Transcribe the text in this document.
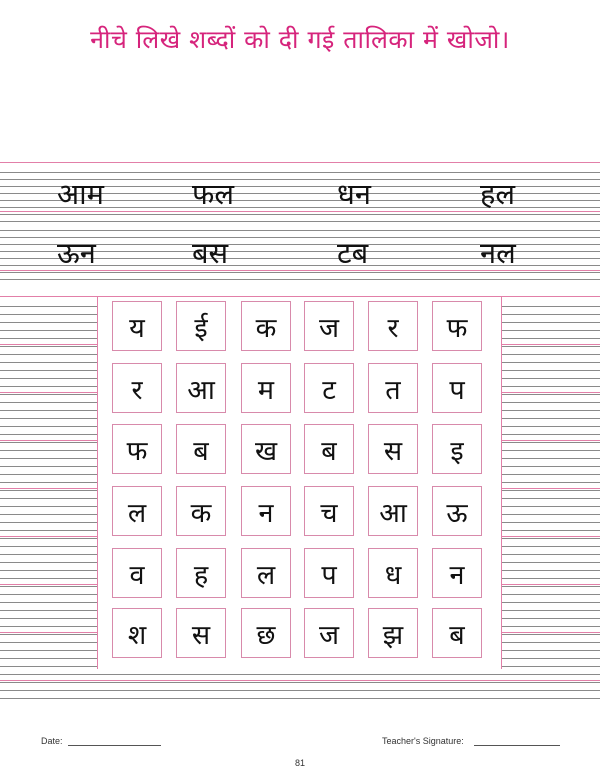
नीचे लिखे शब्दों को दी गई तालिका में खोजो।
आम	फल	धन	हल
ऊन	बस	टब	नल
य	ई	क	ज	र	फ
र	आ	म	ट	त	प
फ	ब	ख	ब	स	इ
ल	क	न	च	आ	ऊ
व	ह	ल	प	ध	न
श	स	छ	ज	झ	ब
Date:	Teacher's Signature:
81
